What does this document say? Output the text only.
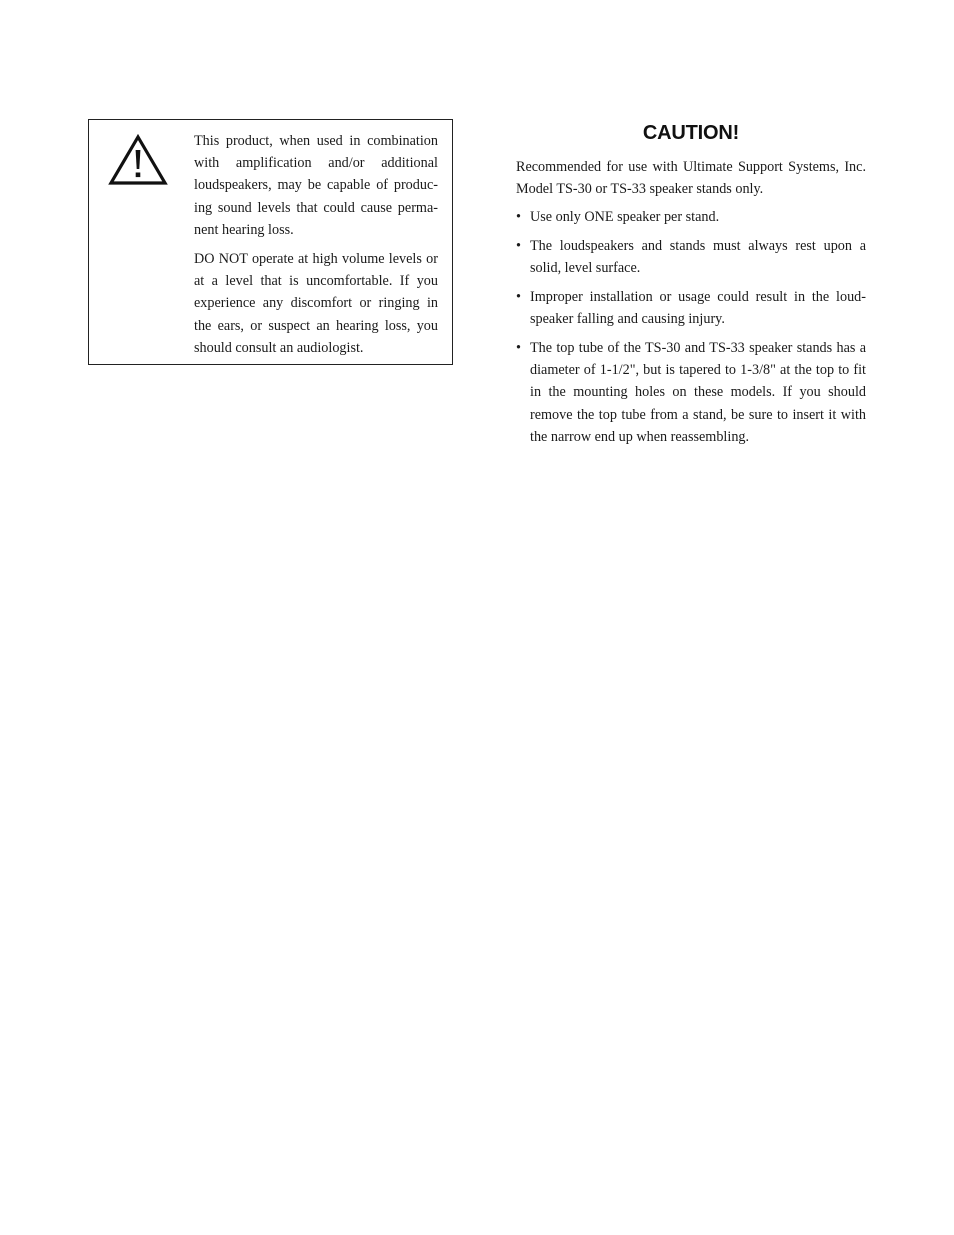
This product, when used in combination with amplification and/or additional loudspeakers, may be capable of producing sound levels that could cause permanent hearing loss.

DO NOT operate at high volume levels or at a level that is uncomfortable. If you experience any discomfort or ringing in the ears, or suspect an hearing loss, you should consult an audiologist.

CAUTION!

Recommended for use with Ultimate Support Systems, Inc. Model TS-30 or TS-33 speaker stands only.

• Use only ONE speaker per stand.
• The loudspeakers and stands must always rest upon a solid, level surface.
• Improper installation or usage could result in the loudspeaker falling and causing injury.
• The top tube of the TS-30 and TS-33 speaker stands has a diameter of 1-1/2", but is tapered to 1-3/8" at the top to fit in the mounting holes on these models. If you should remove the top tube from a stand, be sure to insert it with the narrow end up when reassembling.
